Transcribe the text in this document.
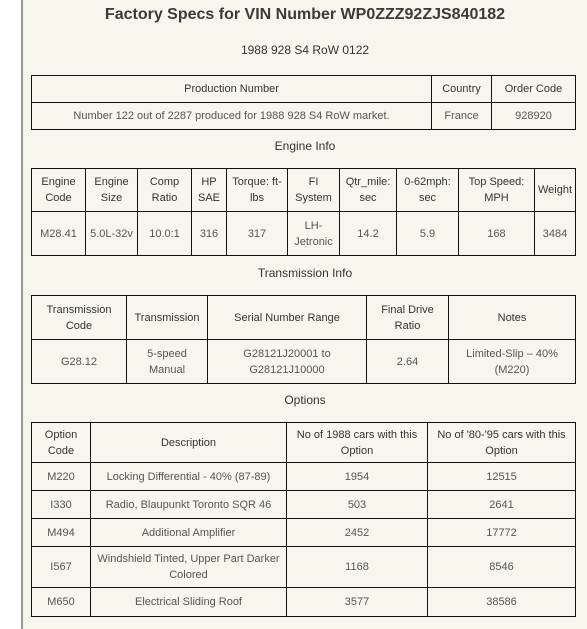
Factory Specs for VIN Number WP0ZZZ92ZJS840182
1988 928 S4 RoW 0122
Production Number	Country	Order Code
Number 122 out of 2287 produced for 1988 928 S4 RoW market.	France	928920
Engine Info
Engine Code	Engine Size	Comp Ratio	HP SAE	Torque: ft-lbs	FI System	Qtr_mile: sec	0-62mph: sec	Top Speed: MPH	Weight
M28.41	5.0L-32v	10.0:1	316	317	LH-Jetronic	14.2	5.9	168	3484
Transmission Info
Transmission Code	Transmission	Serial Number Range	Final Drive Ratio	Notes
G28.12	5-speed Manual	G28121J20001 to G28121J10000	2.64	Limited-Slip – 40% (M220)
Options
Option Code	Description	No of 1988 cars with this Option	No of '80-'95 cars with this Option
M220	Locking Differential - 40% (87-89)	1954	12515
I330	Radio, Blaupunkt Toronto SQR 46	503	2641
M494	Additional Amplifier	2452	17772
I567	Windshield Tinted, Upper Part Darker Colored	1168	8546
M650	Electrical Sliding Roof	3577	38586
